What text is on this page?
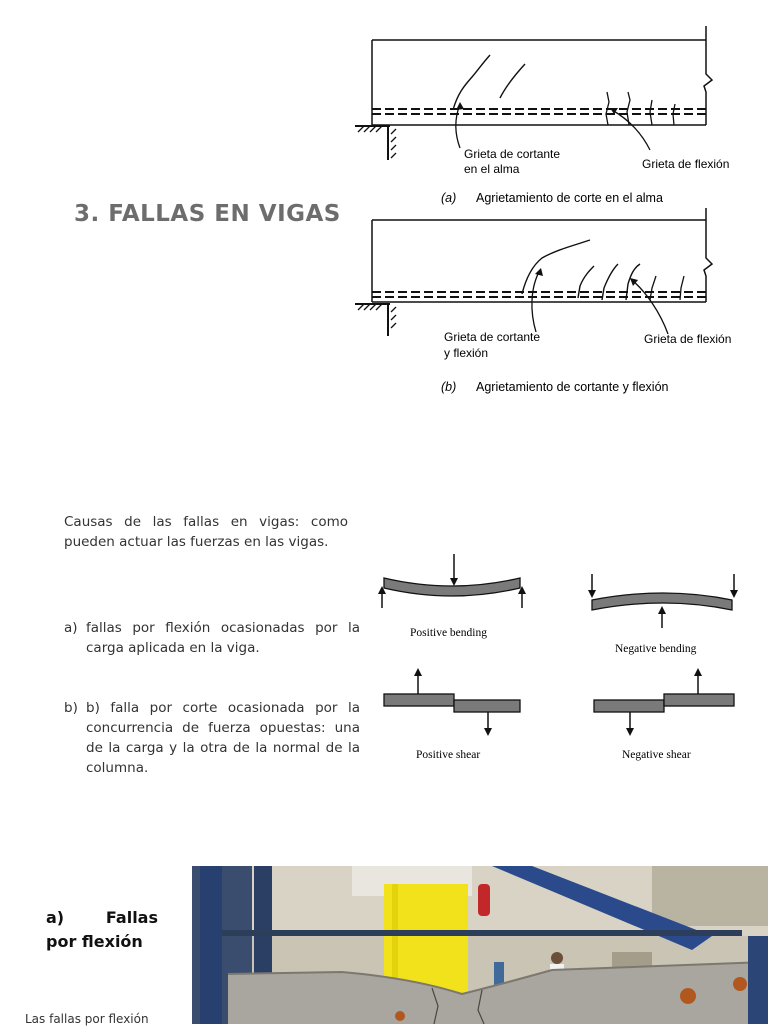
3. FALLAS EN VIGAS
Grieta de cortante
en el alma	Grieta de flexión
(a) Agrietamiento de corte en el alma
Grieta de cortante
y flexión
Grieta de flexión
(b) Agrietamiento de cortante y flexión
Causas de las fallas en vigas: como pueden actuar las fuerzas en las vigas.
a) fallas por flexión ocasionadas por la carga aplicada en la viga.
b) b) falla por corte ocasionada por la concurrencia de fuerza opuestas: una de la carga y la otra de la normal de la columna.
Positive bending
Negative bending
Positive shear	Negative shear
a)	Fallas
por flexión
Las fallas por flexión
